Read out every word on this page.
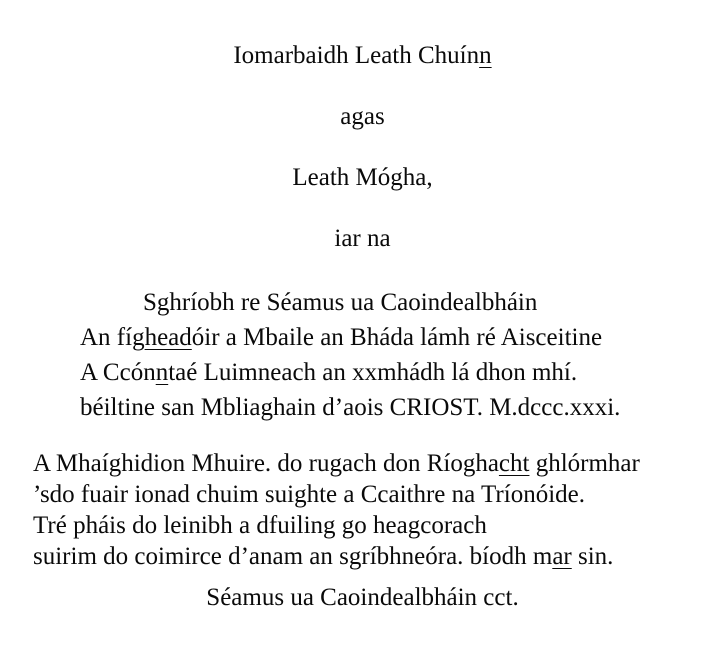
Iomarbaidh Leath Chuínn
agas
Leath Mógha,
iar na
Sghríobh re Séamus ua Caoindealbháin
An fígheadóir a Mbaile an Bháda lámh ré Aisceitine
A Ccónntaé Luimneach an xxmhádh lá dhon mhí.
béiltine san Mbliaghain d’aois CRIOST. M.dccc.xxxi.
A Mhaíghidion Mhuire. do rugach don Ríoghacht ghlórmhar
’sdo fuair ionad chuim suighte a Ccaithre na Tríonóide.
Tré pháis do leinibh a dfuiling go heagcorach
suirim do coimirce d’anam an sgríbhneóra. bíodh mar sin.
Séamus ua Caoindealbháin cct.
